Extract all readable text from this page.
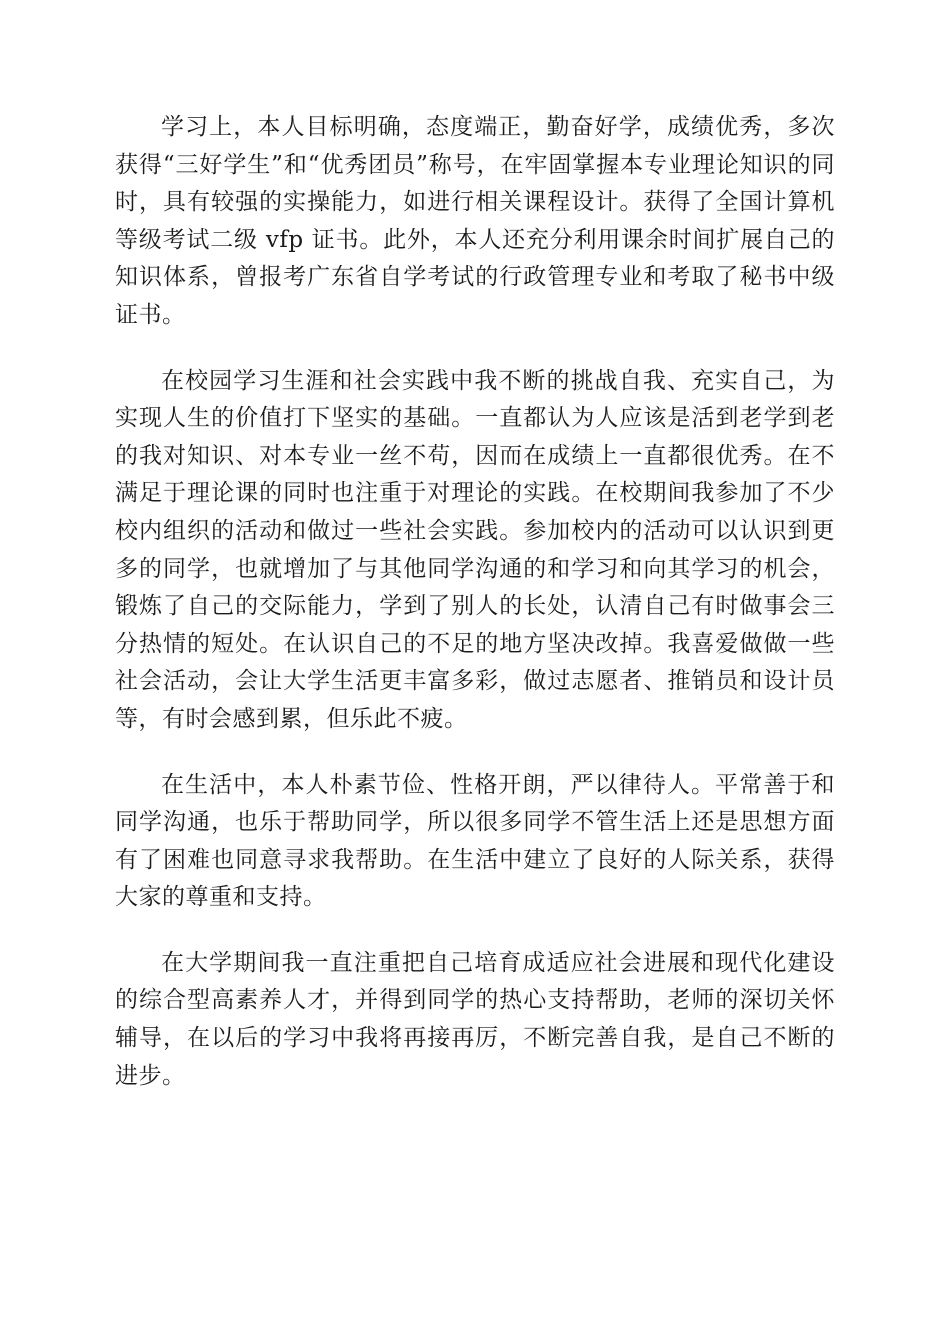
学习上，本人目标明确，态度端正，勤奋好学，成绩优秀，多次获得“三好学生”和“优秀团员”称号，在牢固掌握本专业理论知识的同时，具有较强的实操能力，如进行相关课程设计。获得了全国计算机等级考试二级 vfp 证书。此外，本人还充分利用课余时间扩展自己的知识体系，曾报考广东省自学考试的行政管理专业和考取了秘书中级证书。

在校园学习生涯和社会实践中我不断的挑战自我、充实自己，为实现人生的价值打下坚实的基础。一直都认为人应该是活到老学到老的我对知识、对本专业一丝不苟，因而在成绩上一直都很优秀。在不满足于理论课的同时也注重于对理论的实践。在校期间我参加了不少校内组织的活动和做过一些社会实践。参加校内的活动可以认识到更多的同学，也就增加了与其他同学沟通的和学习和向其学习的机会，锻炼了自己的交际能力，学到了别人的长处，认清自己有时做事会三分热情的短处。在认识自己的不足的地方坚决改掉。我喜爱做做一些社会活动，会让大学生活更丰富多彩，做过志愿者、推销员和设计员等，有时会感到累，但乐此不疲。

在生活中，本人朴素节俭、性格开朗，严以律待人。平常善于和同学沟通，也乐于帮助同学，所以很多同学不管生活上还是思想方面有了困难也同意寻求我帮助。在生活中建立了良好的人际关系，获得大家的尊重和支持。

在大学期间我一直注重把自己培育成适应社会进展和现代化建设的综合型高素养人才，并得到同学的热心支持帮助，老师的深切关怀辅导，在以后的学习中我将再接再厉，不断完善自我，是自己不断的进步。
